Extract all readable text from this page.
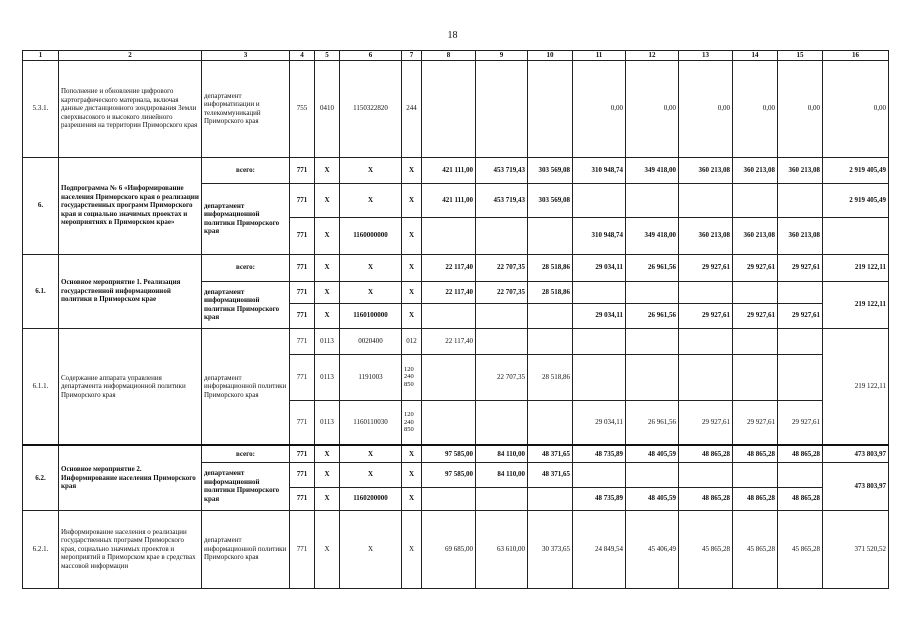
18
1	2	3	4	5	6	7	8	9	10	11	12	13	14	15	16
5.3.1.	Пополнение и обновление цифрового картографического материала, включая данные дистанционного зондирования Земли сверхвысокого и высокого линейного разрешения на территории Приморского края	департамент информатизации и телекоммуникаций Приморского края	755	0410	1150322820	244				0,00	0,00	0,00	0,00	0,00	0,00
6.	Подпрограмма № 6 «Информирование населения Приморского края о реализации государственных программ Приморского края и социально значимых проектах и мероприятиях в Приморском крае»	всего:	771	X	X	X	421 111,00	453 719,43	303 569,08	310 948,74	349 418,00	360 213,08	360 213,08	360 213,08	2 919 405,49
		департамент информационной политики Приморского края	771	X	X	X	421 111,00	453 719,43	303 569,08						2 919 405,49
			771	X	1160000000	X				310 948,74	349 418,00	360 213,08	360 213,08	360 213,08	
6.1.	Основное мероприятие 1. Реализация государственной информационной политики в Приморском крае	всего:	771	X	X	X	22 117,40	22 707,35	28 518,86	29 034,11	26 961,56	29 927,61	29 927,61	29 927,61	219 122,11
		департамент информационной политики Приморского края	771	X	X	X	22 117,40	22 707,35	28 518,86						219 122,11
			771	X	1160100000	X				29 034,11	26 961,56	29 927,61	29 927,61	29 927,61	
6.1.1.	Содержание аппарата управления департамента информационной политики Приморского края	департамент информационной политики Приморского края	771	0113	0020400	012	22 117,40								219 122,11
			771	0113	1191003	120 240 850		22 707,35	28 518,86						
			771	0113	1160110030	120 240 850				29 034,11	26 961,56	29 927,61	29 927,61	29 927,61	
6.2.	Основное мероприятие 2. Информирование населения Приморского края	всего:	771	X	X	X	97 585,00	84 110,00	48 371,65	48 735,89	48 405,59	48 865,28	48 865,28	48 865,28	473 803,97
		департамент информационной политики Приморского края	771	X	X	X	97 585,00	84 110,00	48 371,65						473 803,97
			771	X	1160200000	X				48 735,89	48 405,59	48 865,28	48 865,28	48 865,28	
6.2.1.	Информирование населения о реализации государственных программ Приморского края, социально значимых проектов и мероприятий в Приморском крае в средствах массовой информации	департамент информационной политики Приморского края	771	X	X	X	69 685,00	63 610,00	30 373,65	24 849,54	45 406,49	45 865,28	45 865,28	45 865,28	371 520,52
